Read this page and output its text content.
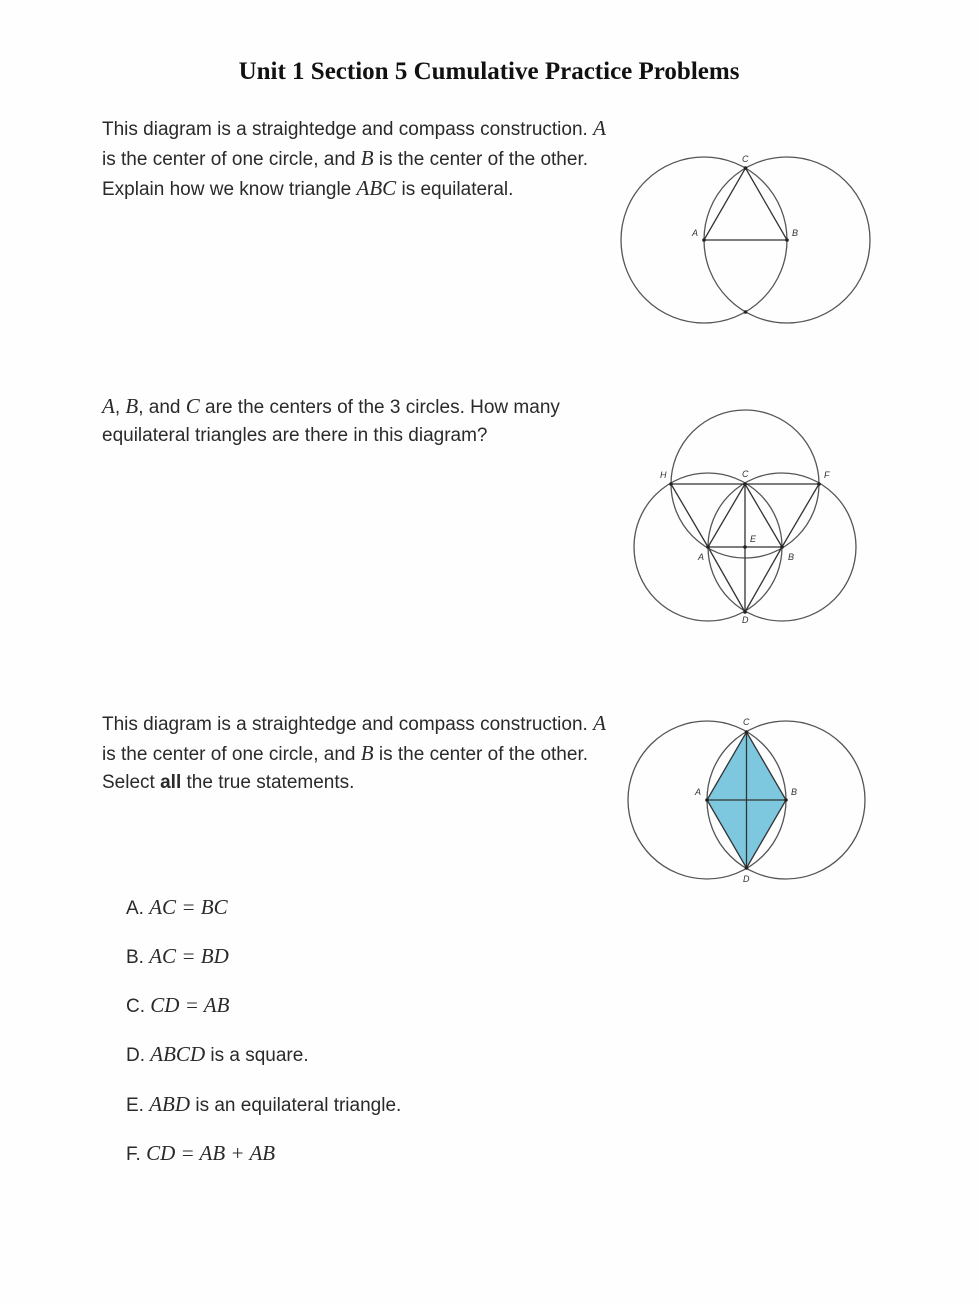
Unit 1 Section 5 Cumulative Practice Problems
This diagram is a straightedge and compass construction. A is the center of one circle, and B is the center of the other. Explain how we know triangle ABC is equilateral.
A	B
C
A, B, and C are the centers of the 3 circles. How many equilateral triangles are there in this diagram?
H	C	F
E
A	B
D
This diagram is a straightedge and compass construction. A is the center of one circle, and B is the center of the other. Select all the true statements.	A	B
C
D
A. AC = BC
B. AC = BD
C. CD = AB
D. ABCD is a square.
E. ABD is an equilateral triangle.
F. CD = AB + AB
